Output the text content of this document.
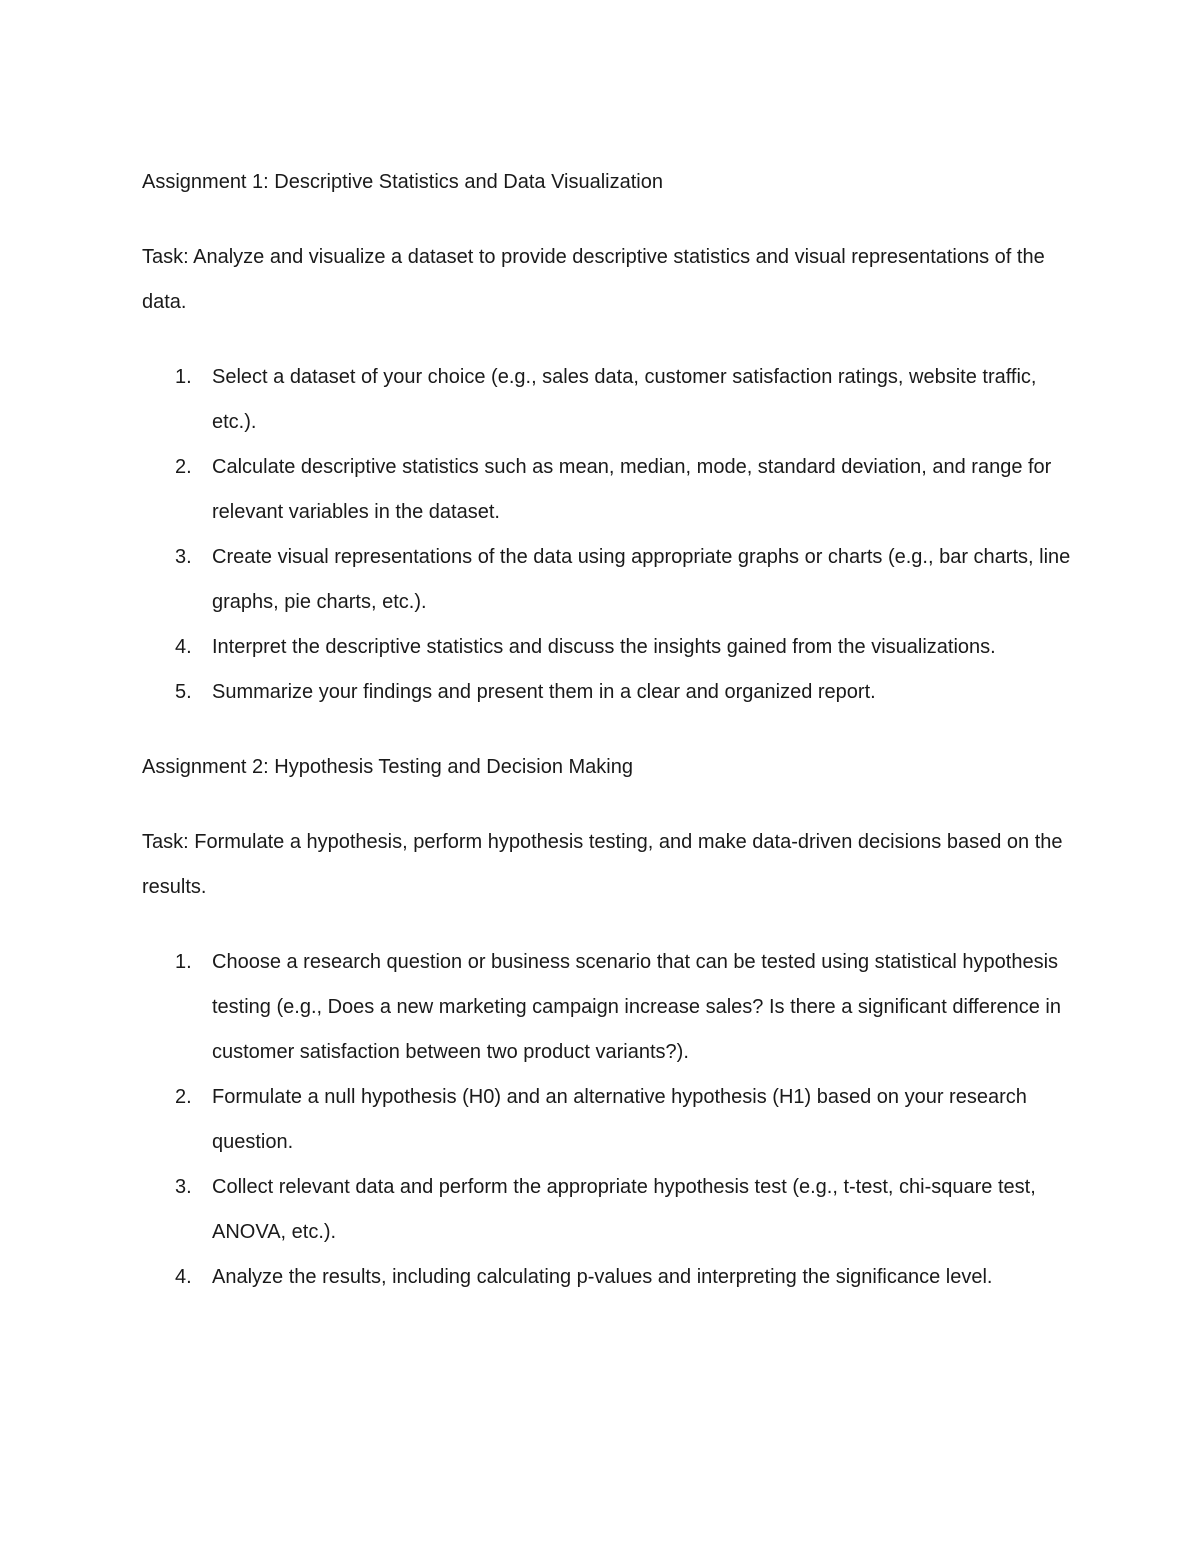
Assignment 1: Descriptive Statistics and Data Visualization

Task: Analyze and visualize a dataset to provide descriptive statistics and visual representations of the data.

1. Select a dataset of your choice (e.g., sales data, customer satisfaction ratings, website traffic, etc.).
2. Calculate descriptive statistics such as mean, median, mode, standard deviation, and range for relevant variables in the dataset.
3. Create visual representations of the data using appropriate graphs or charts (e.g., bar charts, line graphs, pie charts, etc.).
4. Interpret the descriptive statistics and discuss the insights gained from the visualizations.
5. Summarize your findings and present them in a clear and organized report.

Assignment 2: Hypothesis Testing and Decision Making

Task: Formulate a hypothesis, perform hypothesis testing, and make data-driven decisions based on the results.

1. Choose a research question or business scenario that can be tested using statistical hypothesis testing (e.g., Does a new marketing campaign increase sales? Is there a significant difference in customer satisfaction between two product variants?).
2. Formulate a null hypothesis (H0) and an alternative hypothesis (H1) based on your research question.
3. Collect relevant data and perform the appropriate hypothesis test (e.g., t-test, chi-square test, ANOVA, etc.).
4. Analyze the results, including calculating p-values and interpreting the significance level.
